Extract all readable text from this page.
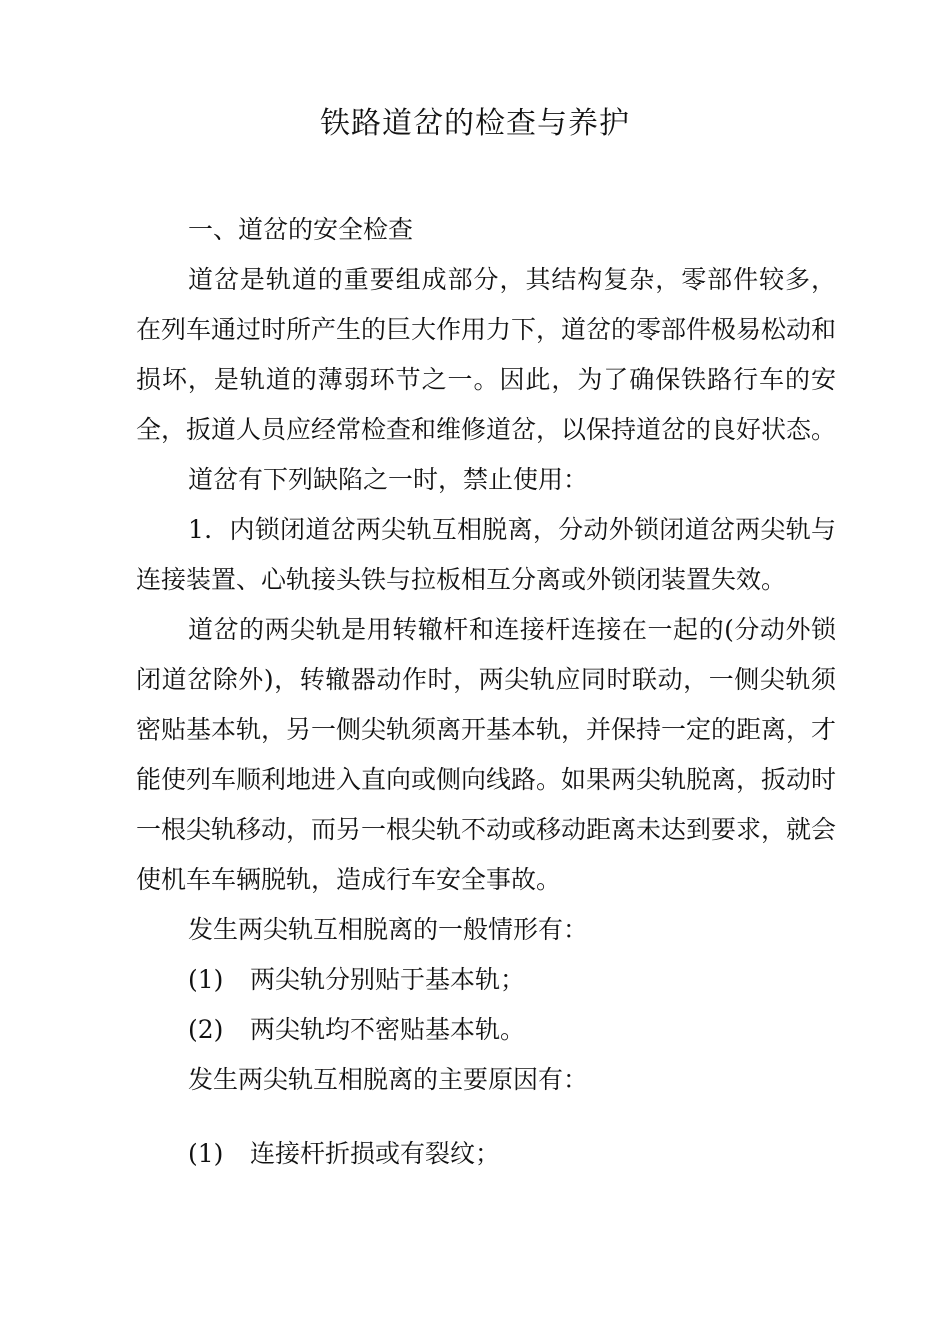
铁路道岔的检查与养护

一、道岔的安全检查

道岔是轨道的重要组成部分，其结构复杂，零部件较多，在列车通过时所产生的巨大作用力下，道岔的零部件极易松动和损坏，是轨道的薄弱环节之一。因此，为了确保铁路行车的安全，扳道人员应经常检查和维修道岔，以保持道岔的良好状态。

道岔有下列缺陷之一时，禁止使用：

1．内锁闭道岔两尖轨互相脱离，分动外锁闭道岔两尖轨与连接装置、心轨接头铁与拉板相互分离或外锁闭装置失效。

道岔的两尖轨是用转辙杆和连接杆连接在一起的(分动外锁闭道岔除外)，转辙器动作时，两尖轨应同时联动，一侧尖轨须密贴基本轨，另一侧尖轨须离开基本轨，并保持一定的距离，才能使列车顺利地进入直向或侧向线路。如果两尖轨脱离，扳动时一根尖轨移动，而另一根尖轨不动或移动距离未达到要求，就会使机车车辆脱轨，造成行车安全事故。

发生两尖轨互相脱离的一般情形有：

(1) 两尖轨分别贴于基本轨；

(2) 两尖轨均不密贴基本轨。

发生两尖轨互相脱离的主要原因有：

(1) 连接杆折损或有裂纹；
